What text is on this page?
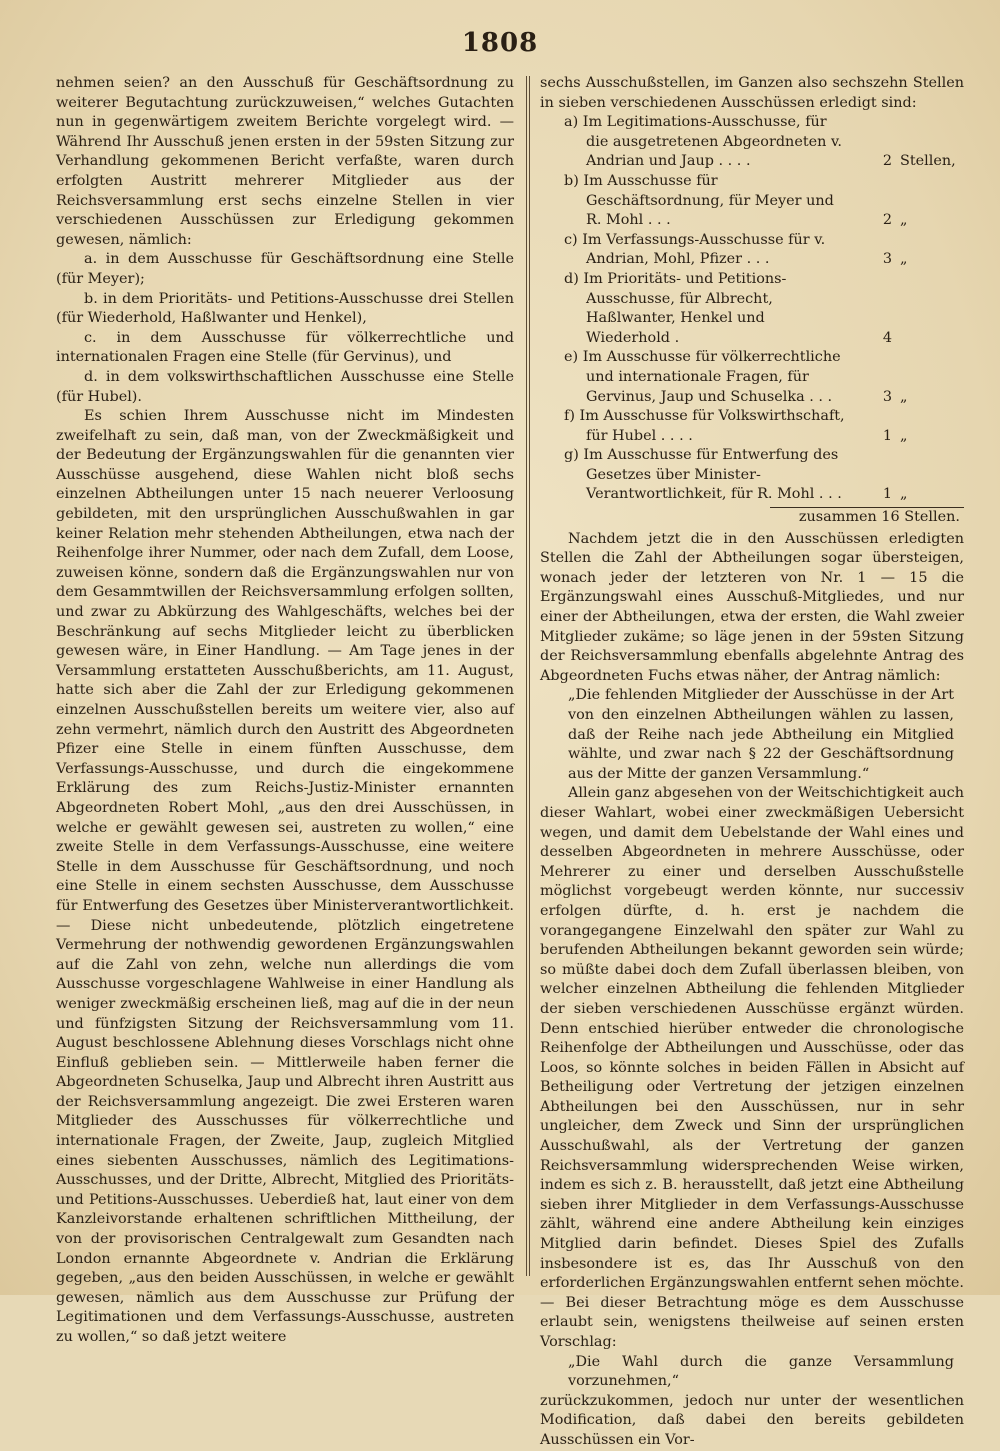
1808

nehmen seien? an den Ausschuß für Geschäftsordnung zu weiterer Begutachtung zurückzuweisen,“ welches Gutachten nun in gegenwärtigem zweitem Berichte vorgelegt wird. — Während Ihr Ausschuß jenen ersten in der 59sten Sitzung zur Verhandlung gekommenen Bericht verfaßte, waren durch erfolgten Austritt mehrerer Mitglieder aus der Reichsversammlung erst sechs einzelne Stellen in vier verschiedenen Ausschüssen zur Erledigung gekommen gewesen, nämlich:

a. in dem Ausschusse für Geschäftsordnung eine Stelle (für Meyer);

b. in dem Prioritäts- und Petitions-Ausschusse drei Stellen (für Wiederhold, Haßlwanter und Henkel),

c. in dem Ausschusse für völkerrechtliche und internationalen Fragen eine Stelle (für Gervinus), und

d. in dem volkswirthschaftlichen Ausschusse eine Stelle (für Hubel).

Es schien Ihrem Ausschusse nicht im Mindesten zweifelhaft zu sein, daß man, von der Zweckmäßigkeit und der Bedeutung der Ergänzungswahlen für die genannten vier Ausschüsse ausgehend, diese Wahlen nicht bloß sechs einzelnen Abtheilungen unter 15 nach neuerer Verloosung gebildeten, mit den ursprünglichen Ausschußwahlen in gar keiner Relation mehr stehenden Abtheilungen, etwa nach der Reihenfolge ihrer Nummer, oder nach dem Zufall, dem Loose, zuweisen könne, sondern daß die Ergänzungswahlen nur von dem Gesammtwillen der Reichsversammlung erfolgen sollten, und zwar zu Abkürzung des Wahlgeschäfts, welches bei der Beschränkung auf sechs Mitglieder leicht zu überblicken gewesen wäre, in Einer Handlung. — Am Tage jenes in der Versammlung erstatteten Ausschußberichts, am 11. August, hatte sich aber die Zahl der zur Erledigung gekommenen einzelnen Ausschußstellen bereits um weitere vier, also auf zehn vermehrt, nämlich durch den Austritt des Abgeordneten Pfizer eine Stelle in einem fünften Ausschusse, dem Verfassungs-Ausschusse, und durch die eingekommene Erklärung des zum Reichs-Justiz-Minister ernannten Abgeordneten Robert Mohl, „aus den drei Ausschüssen, in welche er gewählt gewesen sei, austreten zu wollen,“ eine zweite Stelle in dem Verfassungs-Ausschusse, eine weitere Stelle in dem Ausschusse für Geschäftsordnung, und noch eine Stelle in einem sechsten Ausschusse, dem Ausschusse für Entwerfung des Gesetzes über Ministerverantwortlichkeit. — Diese nicht unbedeutende, plötzlich eingetretene Vermehrung der nothwendig gewordenen Ergänzungswahlen auf die Zahl von zehn, welche nun allerdings die vom Ausschusse vorgeschlagene Wahlweise in einer Handlung als weniger zweckmäßig erscheinen ließ, mag auf die in der neun und fünfzigsten Sitzung der Reichsversammlung vom 11. August beschlossene Ablehnung dieses Vorschlags nicht ohne Einfluß geblieben sein. — Mittlerweile haben ferner die Abgeordneten Schuselka, Jaup und Albrecht ihren Austritt aus der Reichsversammlung angezeigt. Die zwei Ersteren waren Mitglieder des Ausschusses für völkerrechtliche und internationale Fragen, der Zweite, Jaup, zugleich Mitglied eines siebenten Ausschusses, nämlich des Legitimations-Ausschusses, und der Dritte, Albrecht, Mitglied des Prioritäts- und Petitions-Ausschusses. Ueberdieß hat, laut einer von dem Kanzleivorstande erhaltenen schriftlichen Mittheilung, der von der provisorischen Centralgewalt zum Gesandten nach London ernannte Abgeordnete v. Andrian die Erklärung gegeben, „aus den beiden Ausschüssen, in welche er gewählt gewesen, nämlich aus dem Ausschusse zur Prüfung der Legitimationen und dem Verfassungs-Ausschusse, austreten zu wollen,“ so daß jetzt weitere

sechs Ausschußstellen, im Ganzen also sechszehn Stellen in sieben verschiedenen Ausschüssen erledigt sind:

a) Im Legitimations-Ausschusse, für die ausgetretenen Abgeordneten v. Andrian und Jaup . . . .	2 Stellen,
b) Im Ausschusse für Geschäftsordnung, für Meyer und R. Mohl . . .	2 „
c) Im Verfassungs-Ausschusse für v. Andrian, Mohl, Pfizer . . .	3 „
d) Im Prioritäts- und Petitions-Ausschusse, für Albrecht, Haßlwanter, Henkel und Wiederhold .	4
e) Im Ausschusse für völkerrechtliche und internationale Fragen, für Gervinus, Jaup und Schuselka . . .	3 „
f) Im Ausschusse für Volkswirthschaft, für Hubel . . . .	1 „
g) Im Ausschusse für Entwerfung des Gesetzes über Minister-Verantwortlichkeit, für R. Mohl . . .	1 „

zusammen 16 Stellen.

Nachdem jetzt die in den Ausschüssen erledigten Stellen die Zahl der Abtheilungen sogar übersteigen, wonach jeder der letzteren von Nr. 1 — 15 die Ergänzungswahl eines Ausschuß-Mitgliedes, und nur einer der Abtheilungen, etwa der ersten, die Wahl zweier Mitglieder zukäme; so läge jenen in der 59sten Sitzung der Reichsversammlung ebenfalls abgelehnte Antrag des Abgeordneten Fuchs etwas näher, der Antrag nämlich:

„Die fehlenden Mitglieder der Ausschüsse in der Art von den einzelnen Abtheilungen wählen zu lassen, daß der Reihe nach jede Abtheilung ein Mitglied wählte, und zwar nach § 22 der Geschäftsordnung aus der Mitte der ganzen Versammlung.“

Allein ganz abgesehen von der Weitschichtigkeit auch dieser Wahlart, wobei einer zweckmäßigen Uebersicht wegen, und damit dem Uebelstande der Wahl eines und desselben Abgeordneten in mehrere Ausschüsse, oder Mehrerer zu einer und derselben Ausschußstelle möglichst vorgebeugt werden könnte, nur successiv erfolgen dürfte, d. h. erst je nachdem die vorangegangene Einzelwahl den später zur Wahl zu berufenden Abtheilungen bekannt geworden sein würde; so müßte dabei doch dem Zufall überlassen bleiben, von welcher einzelnen Abtheilung die fehlenden Mitglieder der sieben verschiedenen Ausschüsse ergänzt würden. Denn entschied hierüber entweder die chronologische Reihenfolge der Abtheilungen und Ausschüsse, oder das Loos, so könnte solches in beiden Fällen in Absicht auf Betheiligung oder Vertretung der jetzigen einzelnen Abtheilungen bei den Ausschüssen, nur in sehr ungleicher, dem Zweck und Sinn der ursprünglichen Ausschußwahl, als der Vertretung der ganzen Reichsversammlung widersprechenden Weise wirken, indem es sich z. B. herausstellt, daß jetzt eine Abtheilung sieben ihrer Mitglieder in dem Verfassungs-Ausschusse zählt, während eine andere Abtheilung kein einziges Mitglied darin befindet. Dieses Spiel des Zufalls insbesondere ist es, das Ihr Ausschuß von den erforderlichen Ergänzungswahlen entfernt sehen möchte. — Bei dieser Betrachtung möge es dem Ausschusse erlaubt sein, wenigstens theilweise auf seinen ersten Vorschlag:

„Die Wahl durch die ganze Versammlung vorzunehmen,“

zurückzukommen, jedoch nur unter der wesentlichen Modification, daß dabei den bereits gebildeten Ausschüssen ein Vor-
